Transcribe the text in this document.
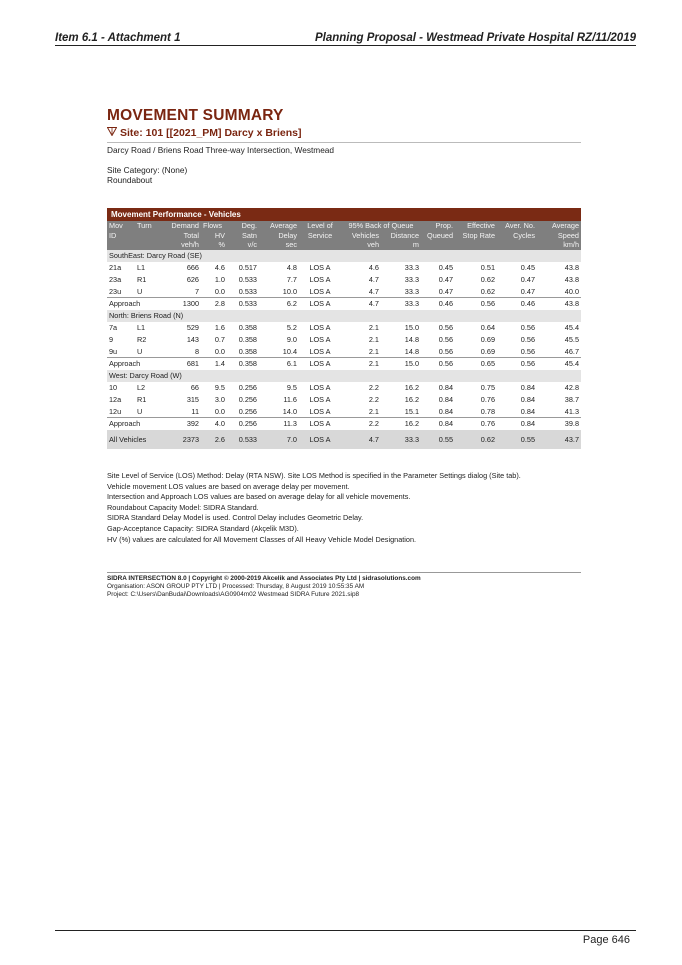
Item 6.1 - Attachment 1	Planning Proposal - Westmead Private Hospital RZ/11/2019
MOVEMENT SUMMARY
Site: 101 [[2021_PM] Darcy x Briens]
Darcy Road / Briens Road Three-way Intersection, Westmead
Site Category: (None)
Roundabout
Movement Performance - Vehicles
Mov	Turn	Demand	Flows	Deg.	Average	Level of	95% Back of Queue		Prop.	Effective	Aver. No.	Average
ID		Total	HV	Satn	Delay	Service	Vehicles	Distance	Queued	Stop Rate	Cycles	Speed
		veh/h	%	v/c	sec		veh	m				km/h
SouthEast: Darcy Road (SE)												
21a	L1	666	4.6	0.517	4.8	LOS A	4.6	33.3	0.45	0.51	0.45	43.8
23a	R1	626	1.0	0.533	7.7	LOS A	4.7	33.3	0.47	0.62	0.47	43.8
23u	U	7	0.0	0.533	10.0	LOS A	4.7	33.3	0.47	0.62	0.47	40.0
Approach		1300	2.8	0.533	6.2	LOS A	4.7	33.3	0.46	0.56	0.46	43.8
North: Briens Road (N)												
7a	L1	529	1.6	0.358	5.2	LOS A	2.1	15.0	0.56	0.64	0.56	45.4
9	R2	143	0.7	0.358	9.0	LOS A	2.1	14.8	0.56	0.69	0.56	45.5
9u	U	8	0.0	0.358	10.4	LOS A	2.1	14.8	0.56	0.69	0.56	46.7
Approach		681	1.4	0.358	6.1	LOS A	2.1	15.0	0.56	0.65	0.56	45.4
West: Darcy Road (W)												
10	L2	66	9.5	0.256	9.5	LOS A	2.2	16.2	0.84	0.75	0.84	42.8
12a	R1	315	3.0	0.256	11.6	LOS A	2.2	16.2	0.84	0.76	0.84	38.7
12u	U	11	0.0	0.256	14.0	LOS A	2.1	15.1	0.84	0.78	0.84	41.3
Approach		392	4.0	0.256	11.3	LOS A	2.2	16.2	0.84	0.76	0.84	39.8
All Vehicles		2373	2.6	0.533	7.0	LOS A	4.7	33.3	0.55	0.62	0.55	43.7
Site Level of Service (LOS) Method: Delay (RTA NSW). Site LOS Method is specified in the Parameter Settings dialog (Site tab).
Vehicle movement LOS values are based on average delay per movement.
Intersection and Approach LOS values are based on average delay for all vehicle movements.
Roundabout Capacity Model: SIDRA Standard.
SIDRA Standard Delay Model is used. Control Delay includes Geometric Delay.
Gap-Acceptance Capacity: SIDRA Standard (Akçelik M3D).
HV (%) values are calculated for All Movement Classes of All Heavy Vehicle Model Designation.
SIDRA INTERSECTION 8.0 | Copyright © 2000-2019 Akcelik and Associates Pty Ltd | sidrasolutions.com
Organisation: ASON GROUP PTY LTD | Processed: Thursday, 8 August 2019 10:55:35 AM
Project: C:\Users\DanBudai\Downloads\AG0904m02 Westmead SIDRA Future 2021.sip8
Page 646
